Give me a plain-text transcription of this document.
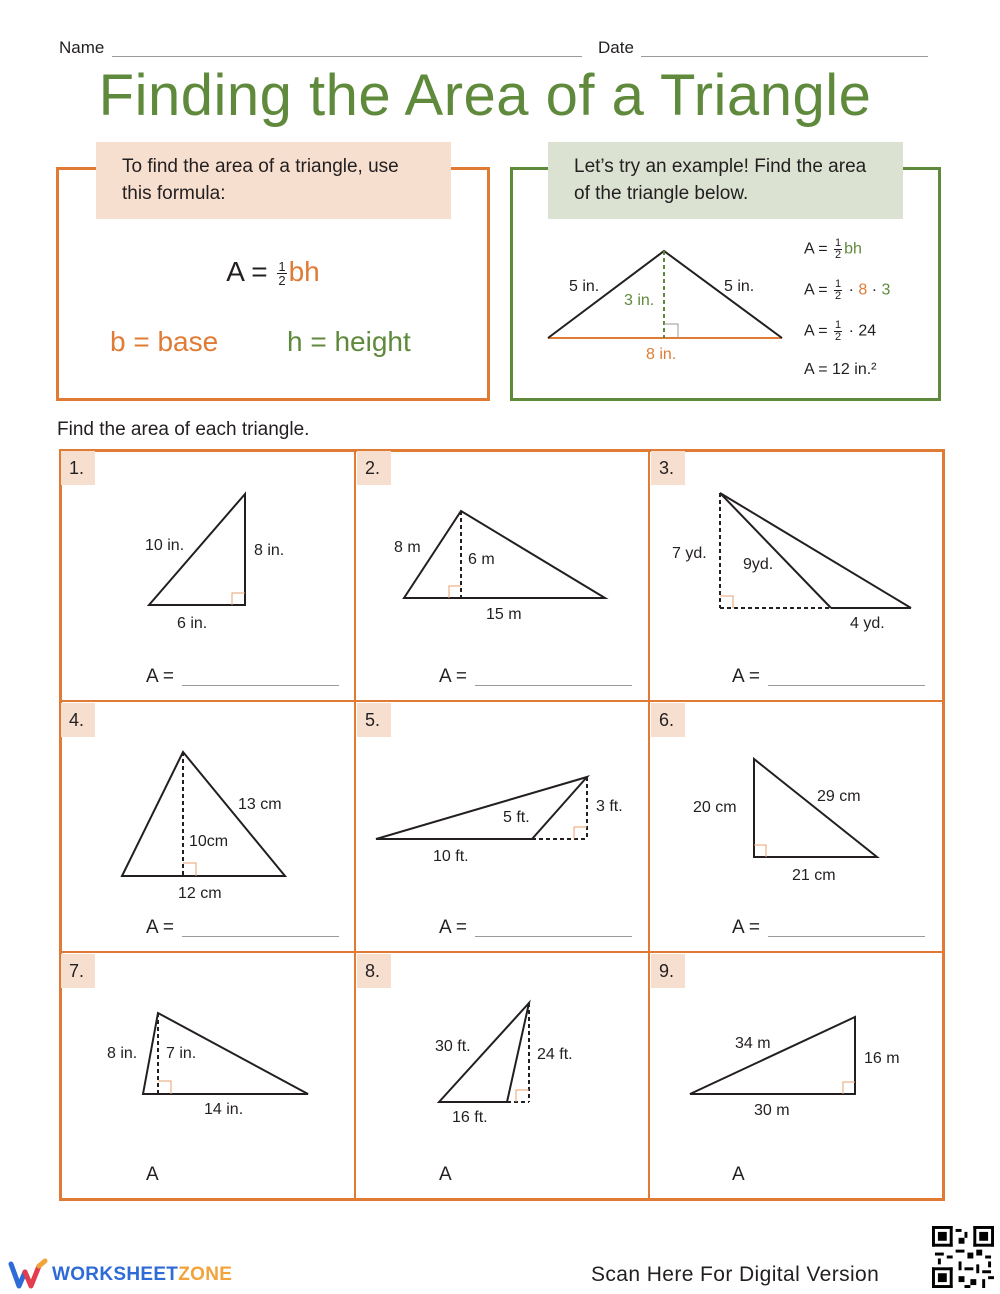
Name	Date
Finding the Area of a Triangle
To find the area of a triangle, use this formula:
$A = \frac{1}{2}$ bh
b = base h = height
Let’s try an example! Find the area of the triangle below.
5 in.	5 in.
3 in.
8 in.
$A = \frac{1}{2}$ bh
$A = \frac{1}{2} \cdot 8 \cdot 3$
$A = \frac{1}{2} \cdot 24$
A = 12 in.²
Find the area of each triangle.
1.	2.	3.
4.	5.	6.
7.	8.	9.
10 in.	8 in.
6 in.
8 m
6 m
15 m
7 yd.
9yd.
4 yd.
13 cm
10cm
12 cm
5 ft.
3 ft.
10 ft.
20 cm
29 cm
21 cm
8 in. 7 in.
14 in.
30 ft.	24 ft.
16 ft.
34 m
16 m
30 m
A =	A =	A =
A =	A =	A =
A	A	A
WORKSHEETZONE	Scan Here For Digital Version
